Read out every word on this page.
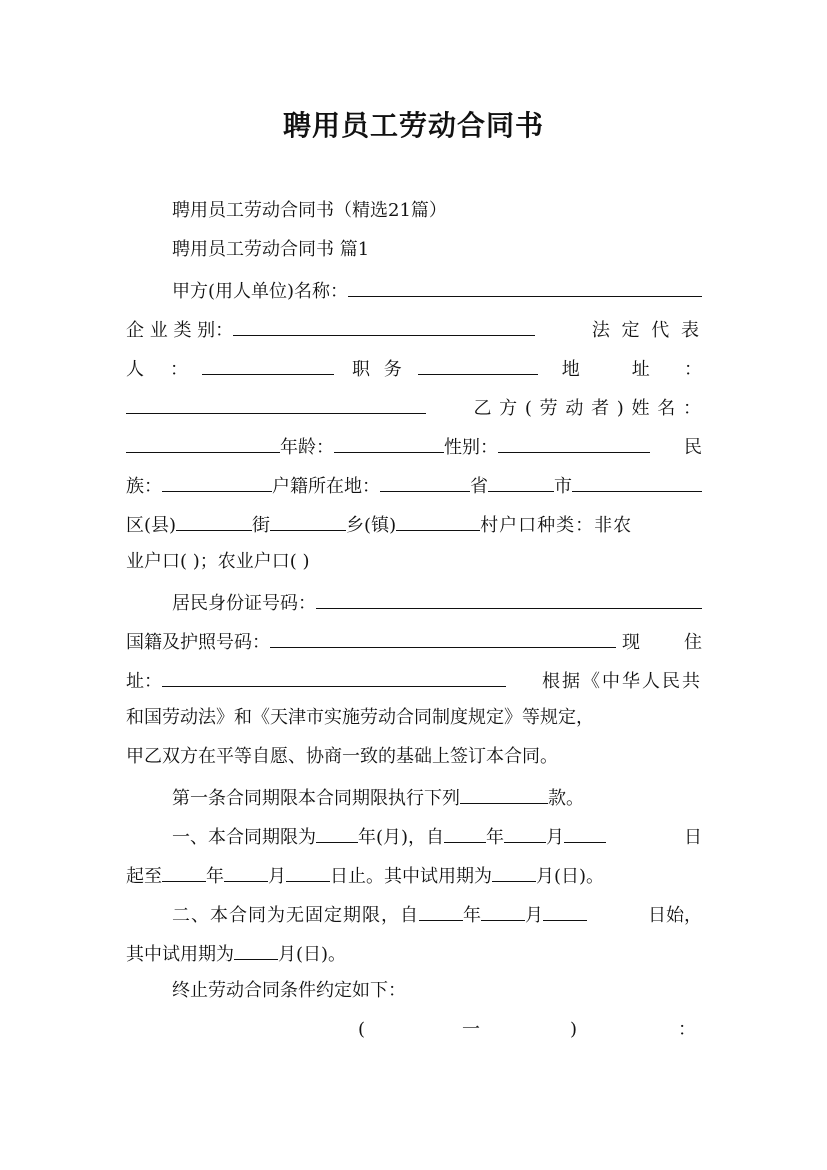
聘用员工劳动合同书
聘用员工劳动合同书（精选21篇）
聘用员工劳动合同书 篇1
甲方(用人单位)名称：
企 业 类 别：	法 定 代 表
人 ：	职 务	地	址	：
乙 方 ( 劳 动 者 ) 姓 名 ：
年龄：	性别：	民
族：	户籍所在地：	省	市
区(县)	街	乡(镇)	村户口种类：非农
业户口( )；农业户口( )
居民身份证号码：
国籍及护照号码：	现	住
址：	根据《中华人民共
和国劳动法》和《天津市实施劳动合同制度规定》等规定，
甲乙双方在平等自愿、协商一致的基础上签订本合同。
第一条合同期限本合同期限执行下列	款。
一、本合同期限为 年(月)，自 年 月	日
起至 年 月 日止。其中试用期为 月(日)。
二、本合同为无固定期限，自 年 月	日始，
其中试用期为 月(日)。
终止劳动合同条件约定如下：
(	一	)	：
